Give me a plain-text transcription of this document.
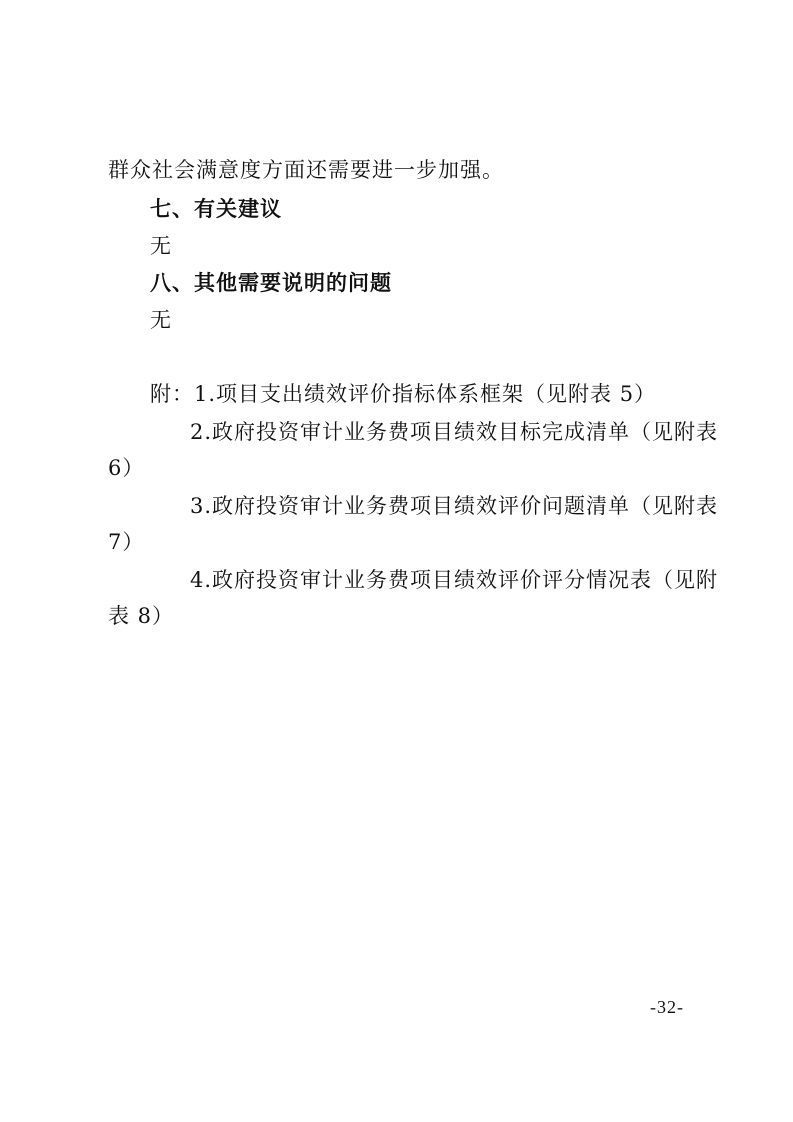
群众社会满意度方面还需要进一步加强。
七、有关建议
无
八、其他需要说明的问题
无
附：1.项目支出绩效评价指标体系框架（见附表 5）
2.政府投资审计业务费项目绩效目标完成清单（见附表
6）
3.政府投资审计业务费项目绩效评价问题清单（见附表
7）
4.政府投资审计业务费项目绩效评价评分情况表（见附
表 8）
-32-
